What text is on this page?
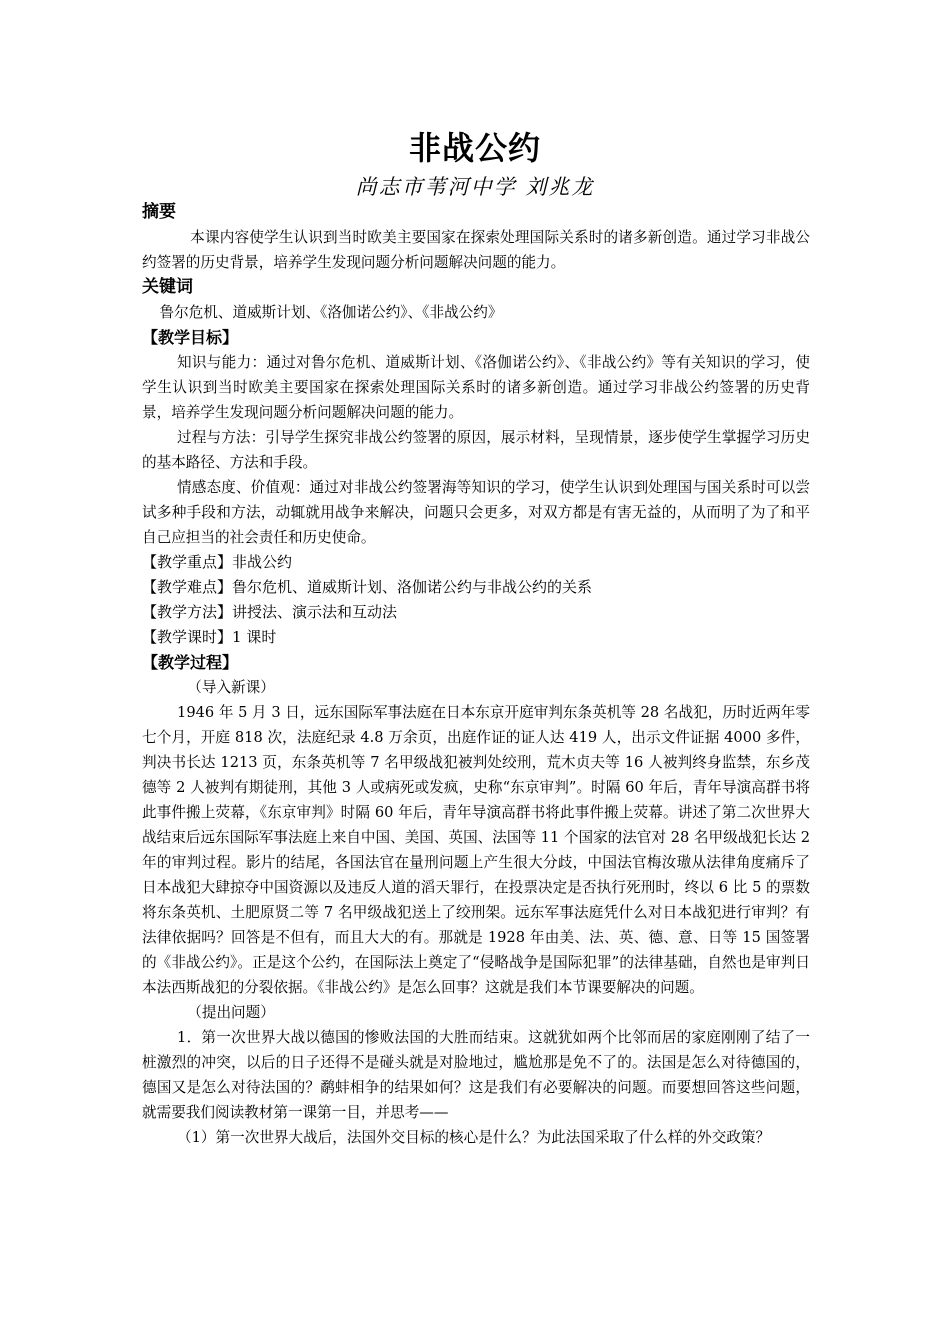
非战公约
尚志市苇河中学 刘兆龙
摘要

本课内容使学生认识到当时欧美主要国家在探索处理国际关系时的诸多新创造。通过学习非战公约签署的历史背景，培养学生发现问题分析问题解决问题的能力。

关键词

鲁尔危机、道威斯计划、《洛伽诺公约》、《非战公约》

【教学目标】

知识与能力：通过对鲁尔危机、道威斯计划、《洛伽诺公约》、《非战公约》等有关知识的学习，使学生认识到当时欧美主要国家在探索处理国际关系时的诸多新创造。通过学习非战公约签署的历史背景，培养学生发现问题分析问题解决问题的能力。

过程与方法：引导学生探究非战公约签署的原因，展示材料，呈现情景，逐步使学生掌握学习历史的基本路径、方法和手段。

情感态度、价值观：通过对非战公约签署海等知识的学习，使学生认识到处理国与国关系时可以尝试多种手段和方法，动辄就用战争来解决，问题只会更多，对双方都是有害无益的，从而明了为了和平自己应担当的社会责任和历史使命。

【教学重点】非战公约
【教学难点】鲁尔危机、道威斯计划、洛伽诺公约与非战公约的关系
【教学方法】讲授法、演示法和互动法
【教学课时】1 课时
【教学过程】

（导入新课）

1946 年 5 月 3 日，远东国际军事法庭在日本东京开庭审判东条英机等 28 名战犯，历时近两年零七个月，开庭 818 次，法庭纪录 4.8 万余页，出庭作证的证人达 419 人，出示文件证据 4000 多件，判决书长达 1213 页，东条英机等 7 名甲级战犯被判处绞刑，荒木贞夫等 16 人被判终身监禁，东乡茂德等 2 人被判有期徒刑，其他 3 人或病死或发疯，史称“东京审判”。时隔 60 年后，青年导演高群书将此事件搬上荧幕，《东京审判》时隔 60 年后，青年导演高群书将此事件搬上荧幕。讲述了第二次世界大战结束后远东国际军事法庭上来自中国、美国、英国、法国等 11 个国家的法官对 28 名甲级战犯长达 2 年的审判过程。影片的结尾，各国法官在量刑问题上产生很大分歧，中国法官梅汝璈从法律角度痛斥了日本战犯大肆掠夺中国资源以及违反人道的滔天罪行，在投票决定是否执行死刑时，终以 6 比 5 的票数将东条英机、土肥原贤二等 7 名甲级战犯送上了绞刑架。远东军事法庭凭什么对日本战犯进行审判？有法律依据吗？回答是不但有，而且大大的有。那就是 1928 年由美、法、英、德、意、日等 15 国签署的《非战公约》。正是这个公约，在国际法上奠定了“侵略战争是国际犯罪”的法律基础，自然也是审判日本法西斯战犯的分裂依据。《非战公约》是怎么回事？这就是我们本节课要解决的问题。

（提出问题）

1．第一次世界大战以德国的惨败法国的大胜而结束。这就犹如两个比邻而居的家庭刚刚了结了一桩激烈的冲突，以后的日子还得不是碰头就是对脸地过，尴尬那是免不了的。法国是怎么对待德国的，德国又是怎么对待法国的？鹬蚌相争的结果如何？这是我们有必要解决的问题。而要想回答这些问题，就需要我们阅读教材第一课第一目，并思考——

（1）第一次世界大战后，法国外交目标的核心是什么？为此法国采取了什么样的外交政策？
